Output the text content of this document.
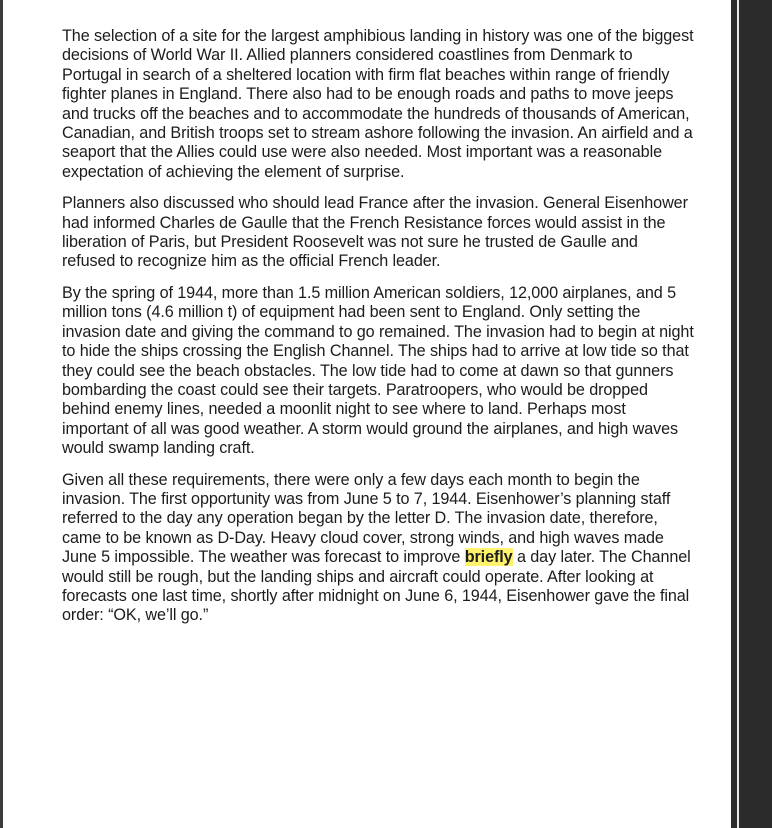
The selection of a site for the largest amphibious landing in history was one of the biggest decisions of World War II. Allied planners considered coastlines from Denmark to Portugal in search of a sheltered location with firm flat beaches within range of friendly fighter planes in England. There also had to be enough roads and paths to move jeeps and trucks off the beaches and to accommodate the hundreds of thousands of American, Canadian, and British troops set to stream ashore following the invasion. An airfield and a seaport that the Allies could use were also needed. Most important was a reasonable expectation of achieving the element of surprise.

Planners also discussed who should lead France after the invasion. General Eisenhower had informed Charles de Gaulle that the French Resistance forces would assist in the liberation of Paris, but President Roosevelt was not sure he trusted de Gaulle and refused to recognize him as the official French leader.

By the spring of 1944, more than 1.5 million American soldiers, 12,000 airplanes, and 5 million tons (4.6 million t) of equipment had been sent to England. Only setting the invasion date and giving the command to go remained. The invasion had to begin at night to hide the ships crossing the English Channel. The ships had to arrive at low tide so that they could see the beach obstacles. The low tide had to come at dawn so that gunners bombarding the coast could see their targets. Paratroopers, who would be dropped behind enemy lines, needed a moonlit night to see where to land. Perhaps most important of all was good weather. A storm would ground the airplanes, and high waves would swamp landing craft.

Given all these requirements, there were only a few days each month to begin the invasion. The first opportunity was from June 5 to 7, 1944. Eisenhower’s planning staff referred to the day any operation began by the letter D. The invasion date, therefore, came to be known as D-Day. Heavy cloud cover, strong winds, and high waves made June 5 impossible. The weather was forecast to improve briefly a day later. The Channel would still be rough, but the landing ships and aircraft could operate. After looking at forecasts one last time, shortly after midnight on June 6, 1944, Eisenhower gave the final order: “OK, we’ll go.”
